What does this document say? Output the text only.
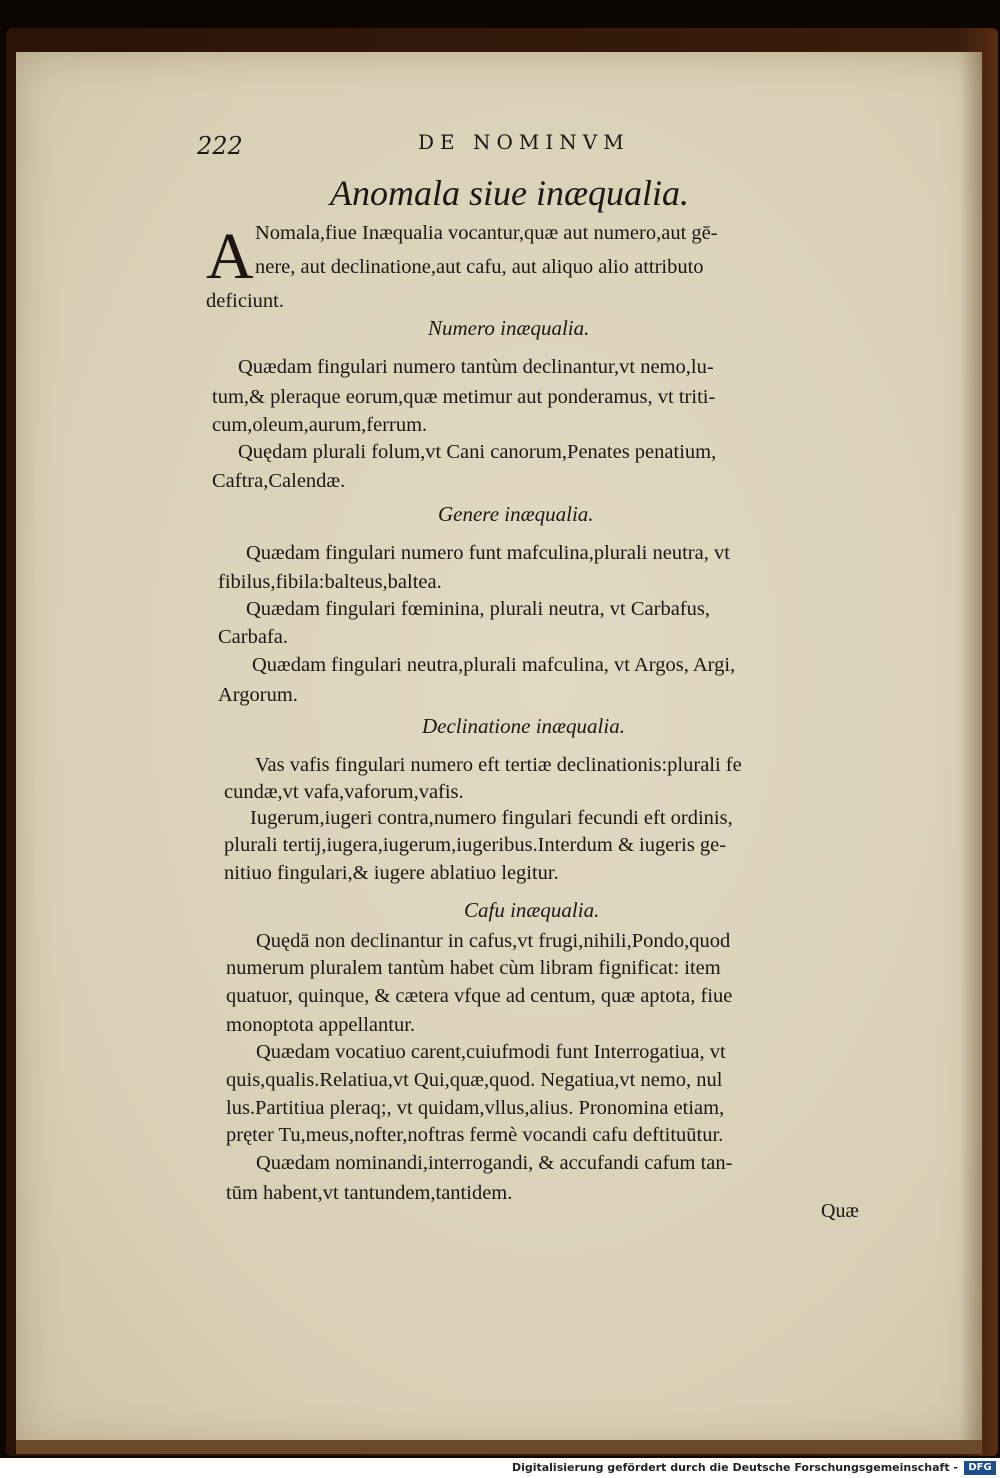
222	DE NOMINVM
Anomala siue inæqualia.
A Nomala,fiue Inæqualia vocantur,quæ aut numero,aut gē-
nere, aut declinatione,aut cafu, aut aliquo alio attributo
deficiunt.
Numero inæqualia.
Quædam fingulari numero tantùm declinantur,vt nemo,lu-
tum,& pleraque eorum,quæ metimur aut ponderamus, vt triti-
cum,oleum,aurum,ferrum.
Quędam plurali folum,vt Cani canorum,Penates penatium,
Caftra,Calendæ.
Genere inæqualia.
Quædam fingulari numero funt mafculina,plurali neutra, vt
fibilus,fibila:balteus,baltea.
Quædam fingulari fœminina, plurali neutra, vt Carbafus,
Carbafa.
Quædam fingulari neutra,plurali mafculina, vt Argos, Argi,
Argorum.
Declinatione inæqualia.
Vas vafis fingulari numero eft tertiæ declinationis:plurali fe
cundæ,vt vafa,vaforum,vafis.
Iugerum,iugeri contra,numero fingulari fecundi eft ordinis,
plurali tertij,iugera,iugerum,iugeribus.Interdum & iugeris ge-
nitiuo fingulari,& iugere ablatiuo legitur.
Cafu inæqualia.
Quędā non declinantur in cafus,vt frugi,nihili,Pondo,quod
numerum pluralem tantùm habet cùm libram fignificat: item
quatuor, quinque, & cætera vfque ad centum, quæ aptota, fiue
monoptota appellantur.
Quædam vocatiuo carent,cuiufmodi funt Interrogatiua, vt
quis,qualis.Relatiua,vt Qui,quæ,quod. Negatiua,vt nemo, nul
lus.Partitiua pleraq;, vt quidam,vllus,alius. Pronomina etiam,
pręter Tu,meus,nofter,noftras fermè vocandi cafu deftituūtur.
Quædam nominandi,interrogandi, & accufandi cafum tan-
tūm habent,vt tantundem,tantidem.
Quæ
Digitalisierung gefördert durch die Deutsche Forschungsgemeinschaft -	DFG
